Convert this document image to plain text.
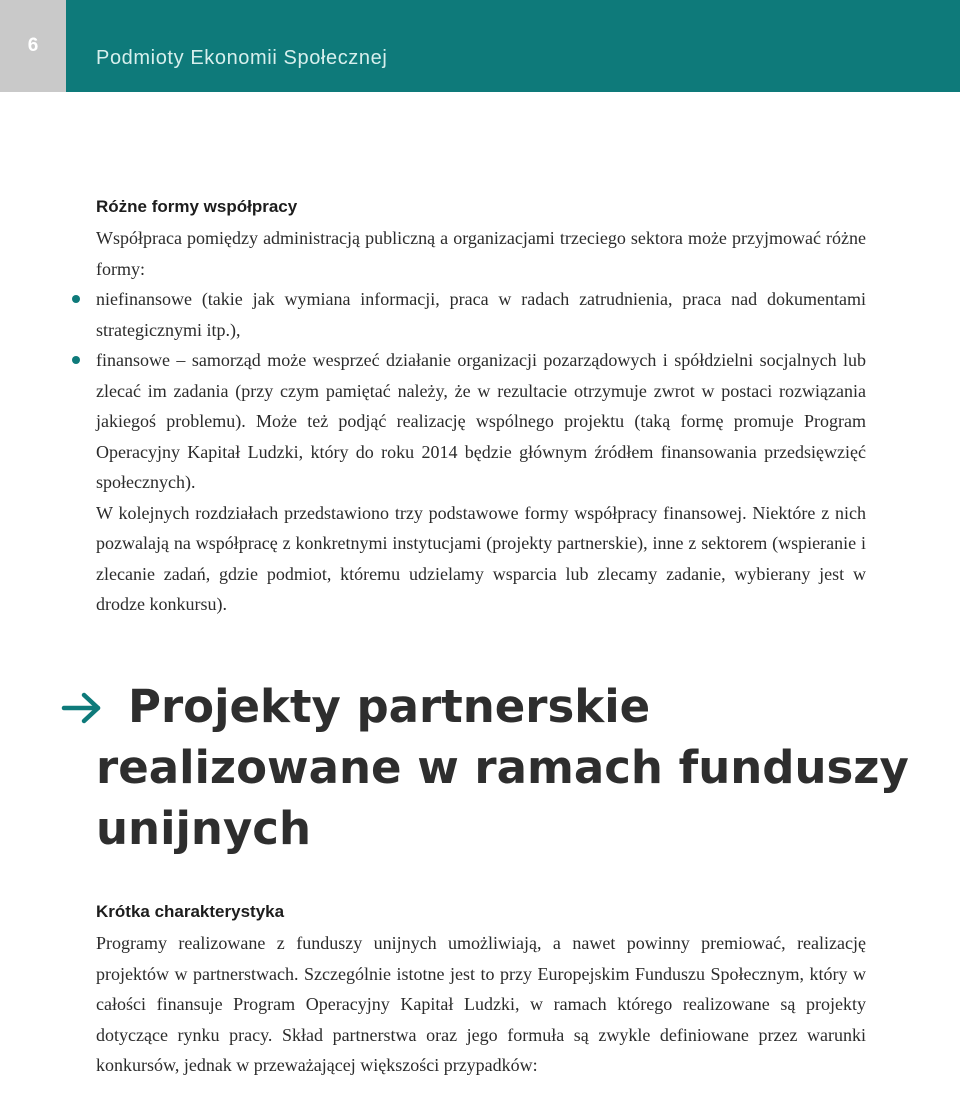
6
Podmioty Ekonomii Społecznej
Różne formy współpracy

Współpraca pomiędzy administracją publiczną a organizacjami trzeciego sektora może przyjmować różne formy:

niefinansowe (takie jak wymiana informacji, praca w radach zatrudnienia, praca nad dokumentami strategicznymi itp.),
finansowe – samorząd może wesprzeć działanie organizacji pozarządowych i spółdzielni socjalnych lub zlecać im zadania (przy czym pamiętać należy, że w rezultacie otrzymuje zwrot w postaci rozwiązania jakiegoś problemu). Może też podjąć realizację wspólnego projektu (taką formę promuje Program Operacyjny Kapitał Ludzki, który do roku 2014 będzie głównym źródłem finansowania przedsięwzięć społecznych).

W kolejnych rozdziałach przedstawiono trzy podstawowe formy współpracy finansowej. Niektóre z nich pozwalają na współpracę z konkretnymi instytucjami (projekty partnerskie), inne z sektorem (wspieranie i zlecanie zadań, gdzie podmiot, któremu udzielamy wsparcia lub zlecamy zadanie, wybierany jest w drodze konkursu).

Projekty partnerskie
realizowane w ramach funduszy
unijnych
Krótka charakterystyka

Programy realizowane z funduszy unijnych umożliwiają, a nawet powinny premiować, realizację projektów w partnerstwach. Szczególnie istotne jest to przy Europejskim Funduszu Społecznym, który w całości finansuje Program Operacyjny Kapitał Ludzki, w ramach którego realizowane są projekty dotyczące rynku pracy. Skład partnerstwa oraz jego formuła są zwykle definiowane przez warunki konkursów, jednak w przeważającej większości przypadków:
